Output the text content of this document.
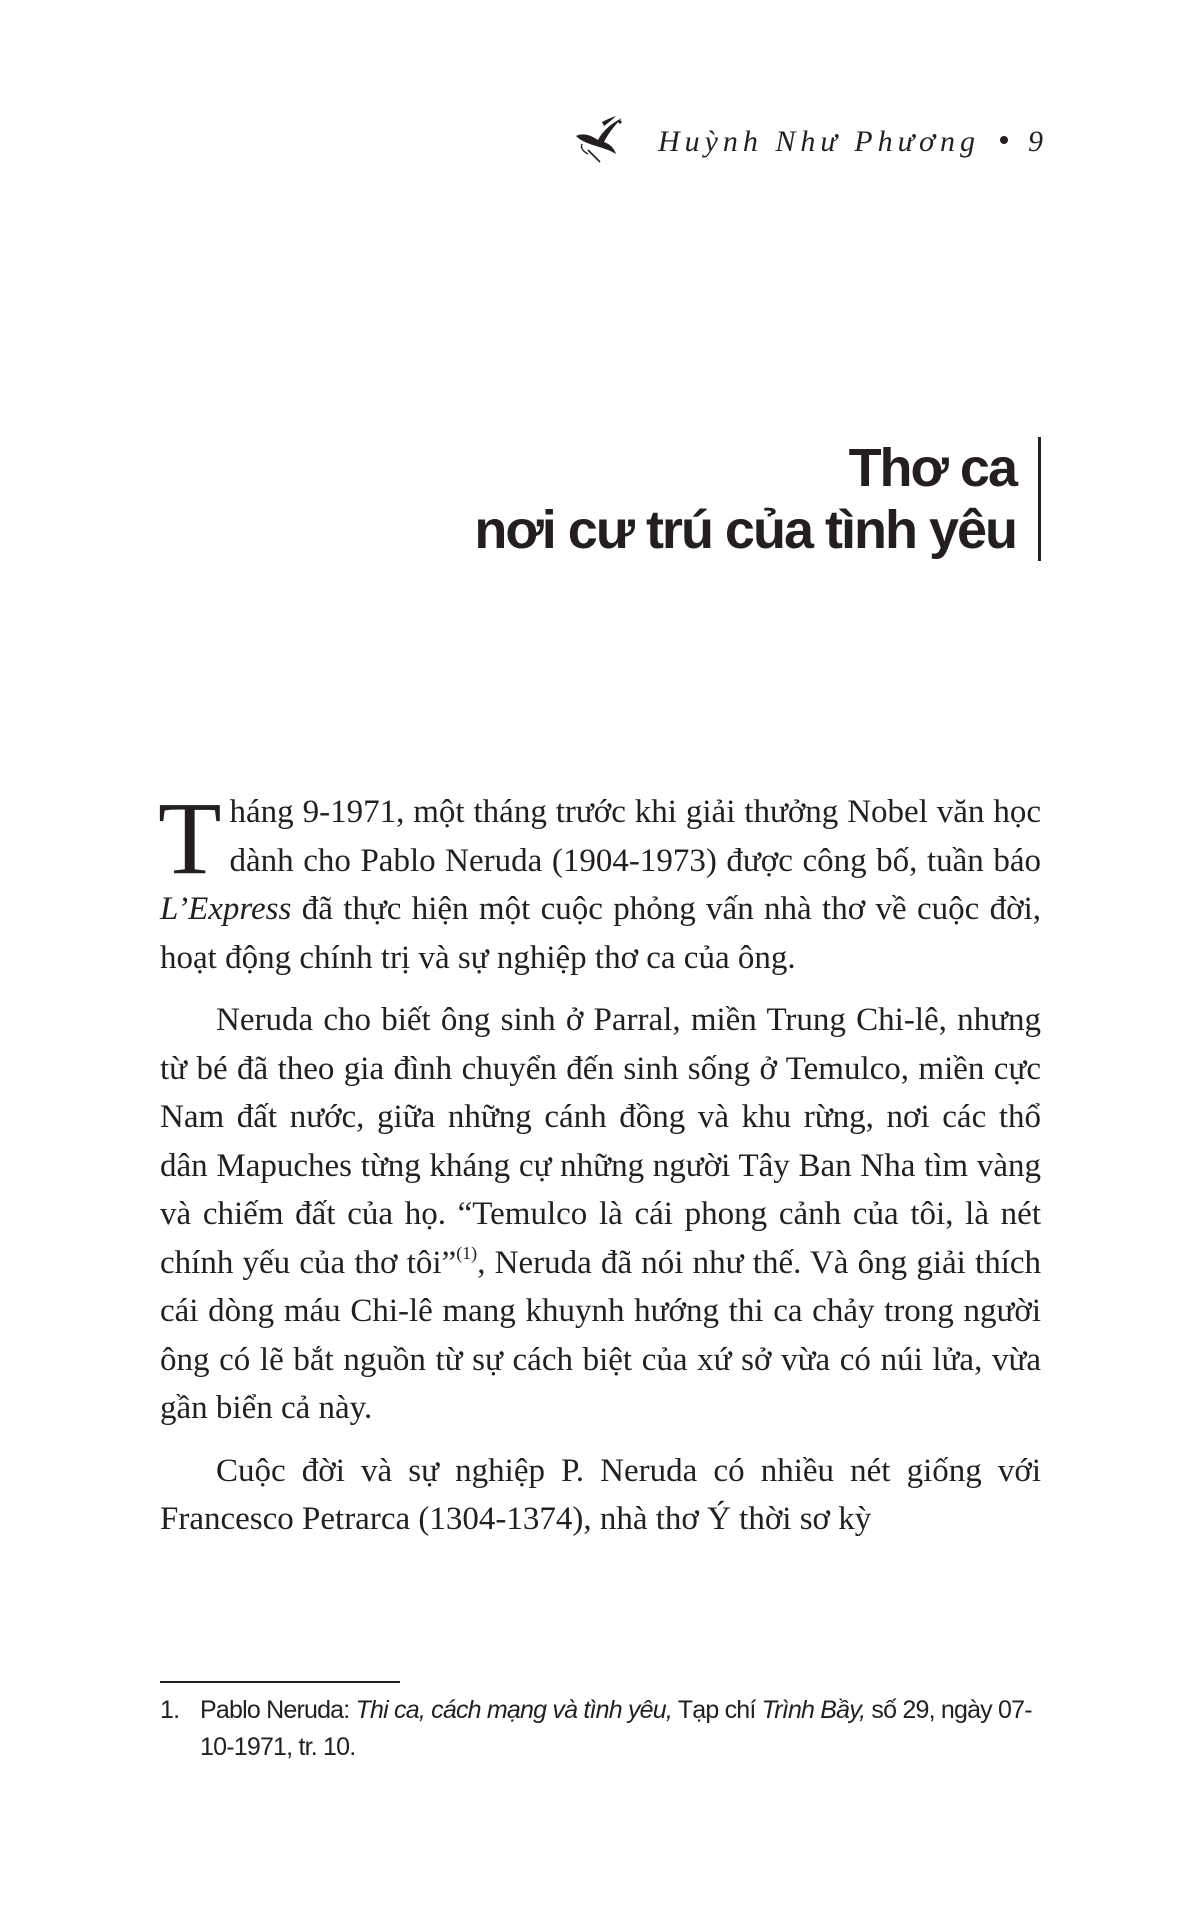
Huỳnh Như Phương 9
Thơ ca
nơi cư trú của tình yêu

Tháng 9-1971, một tháng trước khi giải thưởng Nobel văn học dành cho Pablo Neruda (1904-1973) được công bố, tuần báo L’Express đã thực hiện một cuộc phỏng vấn nhà thơ về cuộc đời, hoạt động chính trị và sự nghiệp thơ ca của ông.

Neruda cho biết ông sinh ở Parral, miền Trung Chi-lê, nhưng từ bé đã theo gia đình chuyển đến sinh sống ở Temulco, miền cực Nam đất nước, giữa những cánh đồng và khu rừng, nơi các thổ dân Mapuches từng kháng cự những người Tây Ban Nha tìm vàng và chiếm đất của họ. “Temulco là cái phong cảnh của tôi, là nét chính yếu của thơ tôi”$^{(1)}$, Neruda đã nói như thế. Và ông giải thích cái dòng máu Chi-lê mang khuynh hướng thi ca chảy trong người ông có lẽ bắt nguồn từ sự cách biệt của xứ sở vừa có núi lửa, vừa gần biển cả này.

Cuộc đời và sự nghiệp P. Neruda có nhiều nét giống với Francesco Petrarca (1304-1374), nhà thơ Ý thời sơ kỳ

1. Pablo Neruda: Thi ca, cách mạng và tình yêu, Tạp chí Trình Bầy, số 29, ngày 07-10-1971, tr. 10.
